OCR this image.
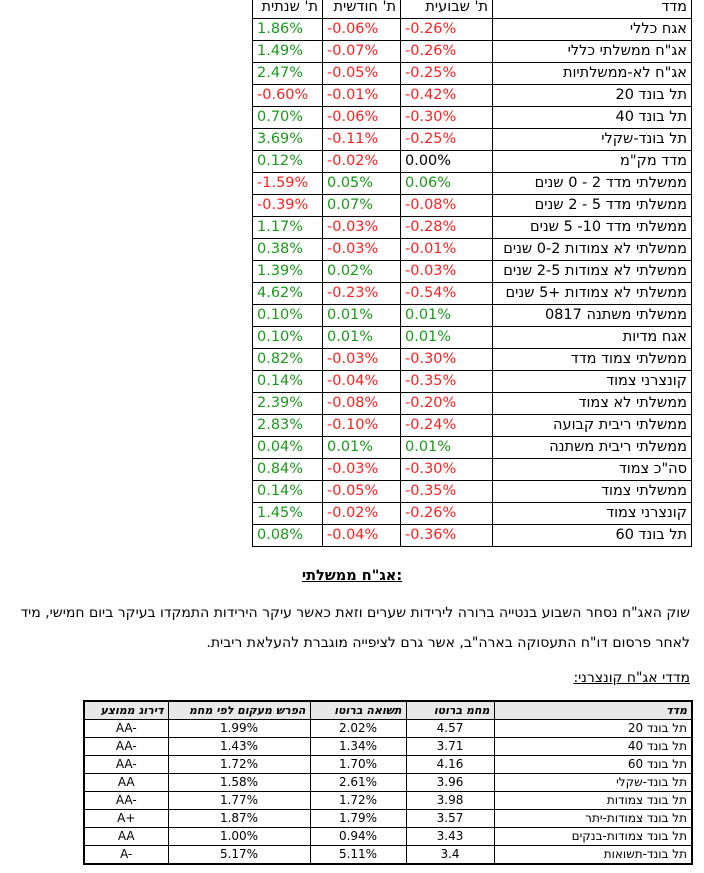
ת' שנתית	ת' חודשית	ת' שבועית	מדד
1.86%	-0.06%	-0.26%	אגח כללי
1.49%	-0.07%	-0.26%	אג"ח ממשלתי כללי
2.47%	-0.05%	-0.25%	אג"ח לא-ממשלתיות
-0.60%	-0.01%	-0.42%	תל בונד 20
0.70%	-0.06%	-0.30%	תל בונד 40
3.69%	-0.11%	-0.25%	תל בונד-שקלי
0.12%	-0.02%	0.00%	מדד מק"מ
-1.59%	0.05%	0.06%	ממשלתי מדד 2 - 0 שנים
-0.39%	0.07%	-0.08%	ממשלתי מדד 5 - 2 שנים
1.17%	-0.03%	-0.28%	ממשלתי מדד 10- 5 שנים
0.38%	-0.03%	-0.01%	ממשלתי לא צמודות 0-2 שנים
1.39%	0.02%	-0.03%	ממשלתי לא צמודות 2-5 שנים
4.62%	-0.23%	-0.54%	ממשלתי לא צמודות +5 שנים
0.10%	0.01%	0.01%	ממשלתי משתנה 0817
0.10%	0.01%	0.01%	אגח מדיות
0.82%	-0.03%	-0.30%	ממשלתי צמוד מדד
0.14%	-0.04%	-0.35%	קונצרני צמוד
2.39%	-0.08%	-0.20%	ממשלתי לא צמוד
2.83%	-0.10%	-0.24%	ממשלתי ריבית קבועה
0.04%	0.01%	0.01%	ממשלתי ריבית משתנה
0.84%	-0.03%	-0.30%	סה"כ צמוד
0.14%	-0.05%	-0.35%	ממשלתי צמוד
1.45%	-0.02%	-0.26%	קונצרני צמוד
0.08%	-0.04%	-0.36%	תל בונד 60
אג"ח ממשלתי:
שוק האג"ח נסחר השבוע בנטייה ברורה לירידות שערים וזאת כאשר עיקר הירידות התמקדו בעיקר ביום חמישי, מיד לאחר פרסום דו"ח התעסוקה בארה"ב, אשר גרם לציפייה מוגברת להעלאת ריבית.
מדדי אג"ח קונצרני:
דירוג ממוצע	הפרש מעקום לפי מחמ	תשואה ברוטו	מחמ ברוטו	מדד
AA-	1.99%	2.02%	4.57	תל בונד 20
AA-	1.43%	1.34%	3.71	תל בונד 40
AA-	1.72%	1.70%	4.16	תל בונד 60
AA	1.58%	2.61%	3.96	תל בונד-שקלי
AA-	1.77%	1.72%	3.98	תל בונד צמודות
A+	1.87%	1.79%	3.57	תל בונד צמודות-יתר
AA	1.00%	0.94%	3.43	תל בונד צמודות-בנקים
A-	5.17%	5.11%	3.4	תל בונד-תשואות
